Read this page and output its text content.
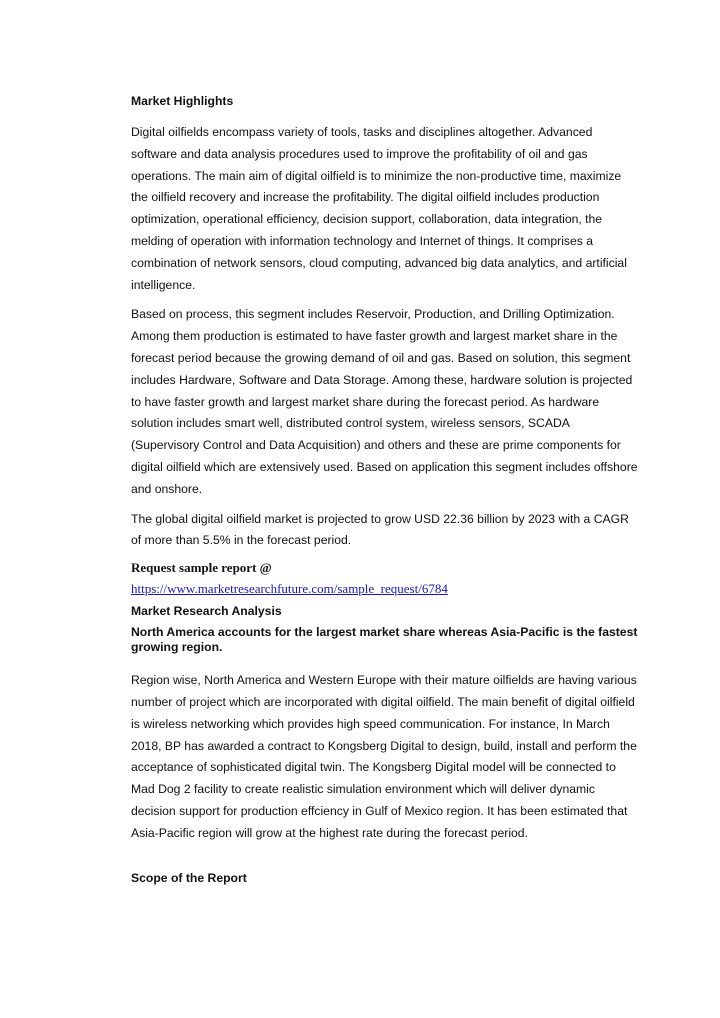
Market Highlights

Digital oilfields encompass variety of tools, tasks and disciplines altogether. Advanced software and data analysis procedures used to improve the profitability of oil and gas operations. The main aim of digital oilfield is to minimize the non-productive time, maximize the oilfield recovery and increase the profitability. The digital oilfield includes production optimization, operational efficiency, decision support, collaboration, data integration, the melding of operation with information technology and Internet of things. It comprises a combination of network sensors, cloud computing, advanced big data analytics, and artificial intelligence.

Based on process, this segment includes Reservoir, Production, and Drilling Optimization. Among them production is estimated to have faster growth and largest market share in the forecast period because the growing demand of oil and gas. Based on solution, this segment includes Hardware, Software and Data Storage. Among these, hardware solution is projected to have faster growth and largest market share during the forecast period. As hardware solution includes smart well, distributed control system, wireless sensors, SCADA (Supervisory Control and Data Acquisition) and others and these are prime components for digital oilfield which are extensively used. Based on application this segment includes offshore and onshore.

The global digital oilfield market is projected to grow USD 22.36 billion by 2023 with a CAGR of more than 5.5% in the forecast period.

Request sample report @
https://www.marketresearchfuture.com/sample_request/6784
Market Research Analysis
North America accounts for the largest market share whereas Asia-Pacific is the fastest growing region.

Region wise, North America and Western Europe with their mature oilfields are having various number of project which are incorporated with digital oilfield. The main benefit of digital oilfield is wireless networking which provides high speed communication. For instance, In March 2018, BP has awarded a contract to Kongsberg Digital to design, build, install and perform the acceptance of sophisticated digital twin. The Kongsberg Digital model will be connected to Mad Dog 2 facility to create realistic simulation environment which will deliver dynamic decision support for production effciency in Gulf of Mexico region. It has been estimated that Asia-Pacific region will grow at the highest rate during the forecast period.

Scope of the Report
